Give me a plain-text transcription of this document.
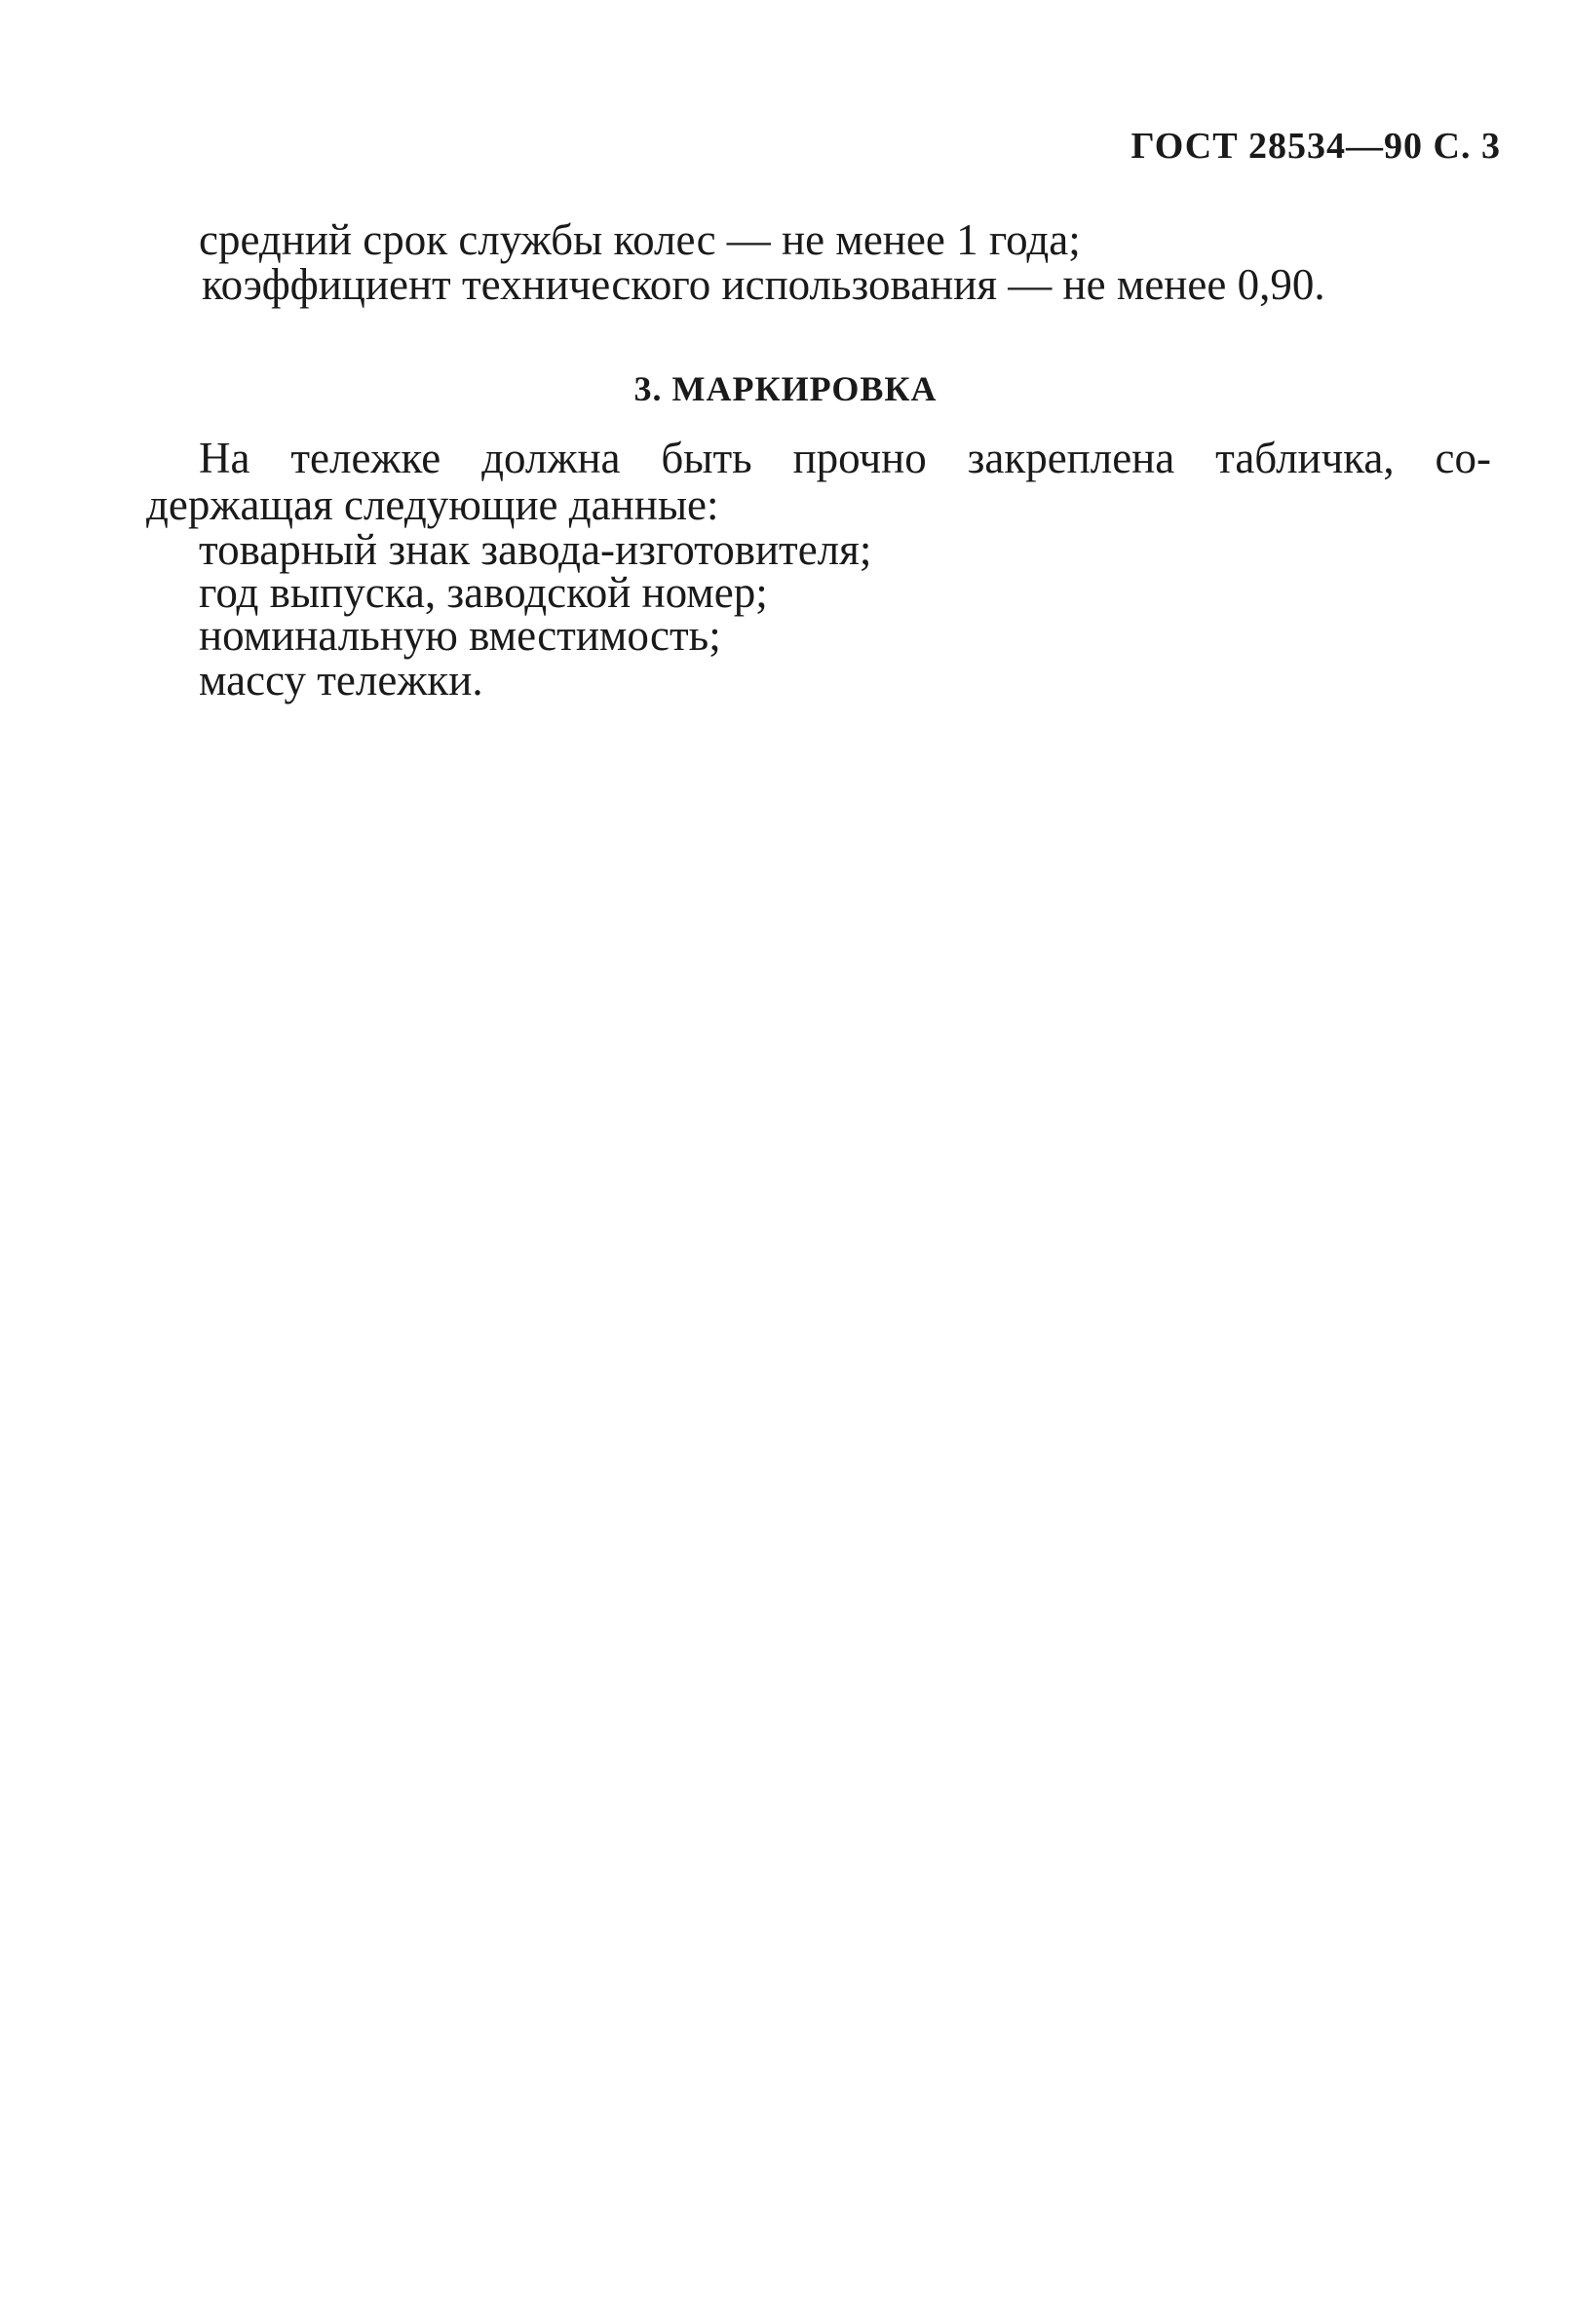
ГОСТ 28534—90 С. 3
средний срок службы колес — не менее 1 года;
коэффициент технического использования — не менее 0,90.
3. МАРКИРОВКА
На тележке должна быть прочно закреплена табличка, со-
держащая следующие данные:
товарный знак завода-изготовителя;
год выпуска, заводской номер;
номинальную вместимость;
массу тележки.
